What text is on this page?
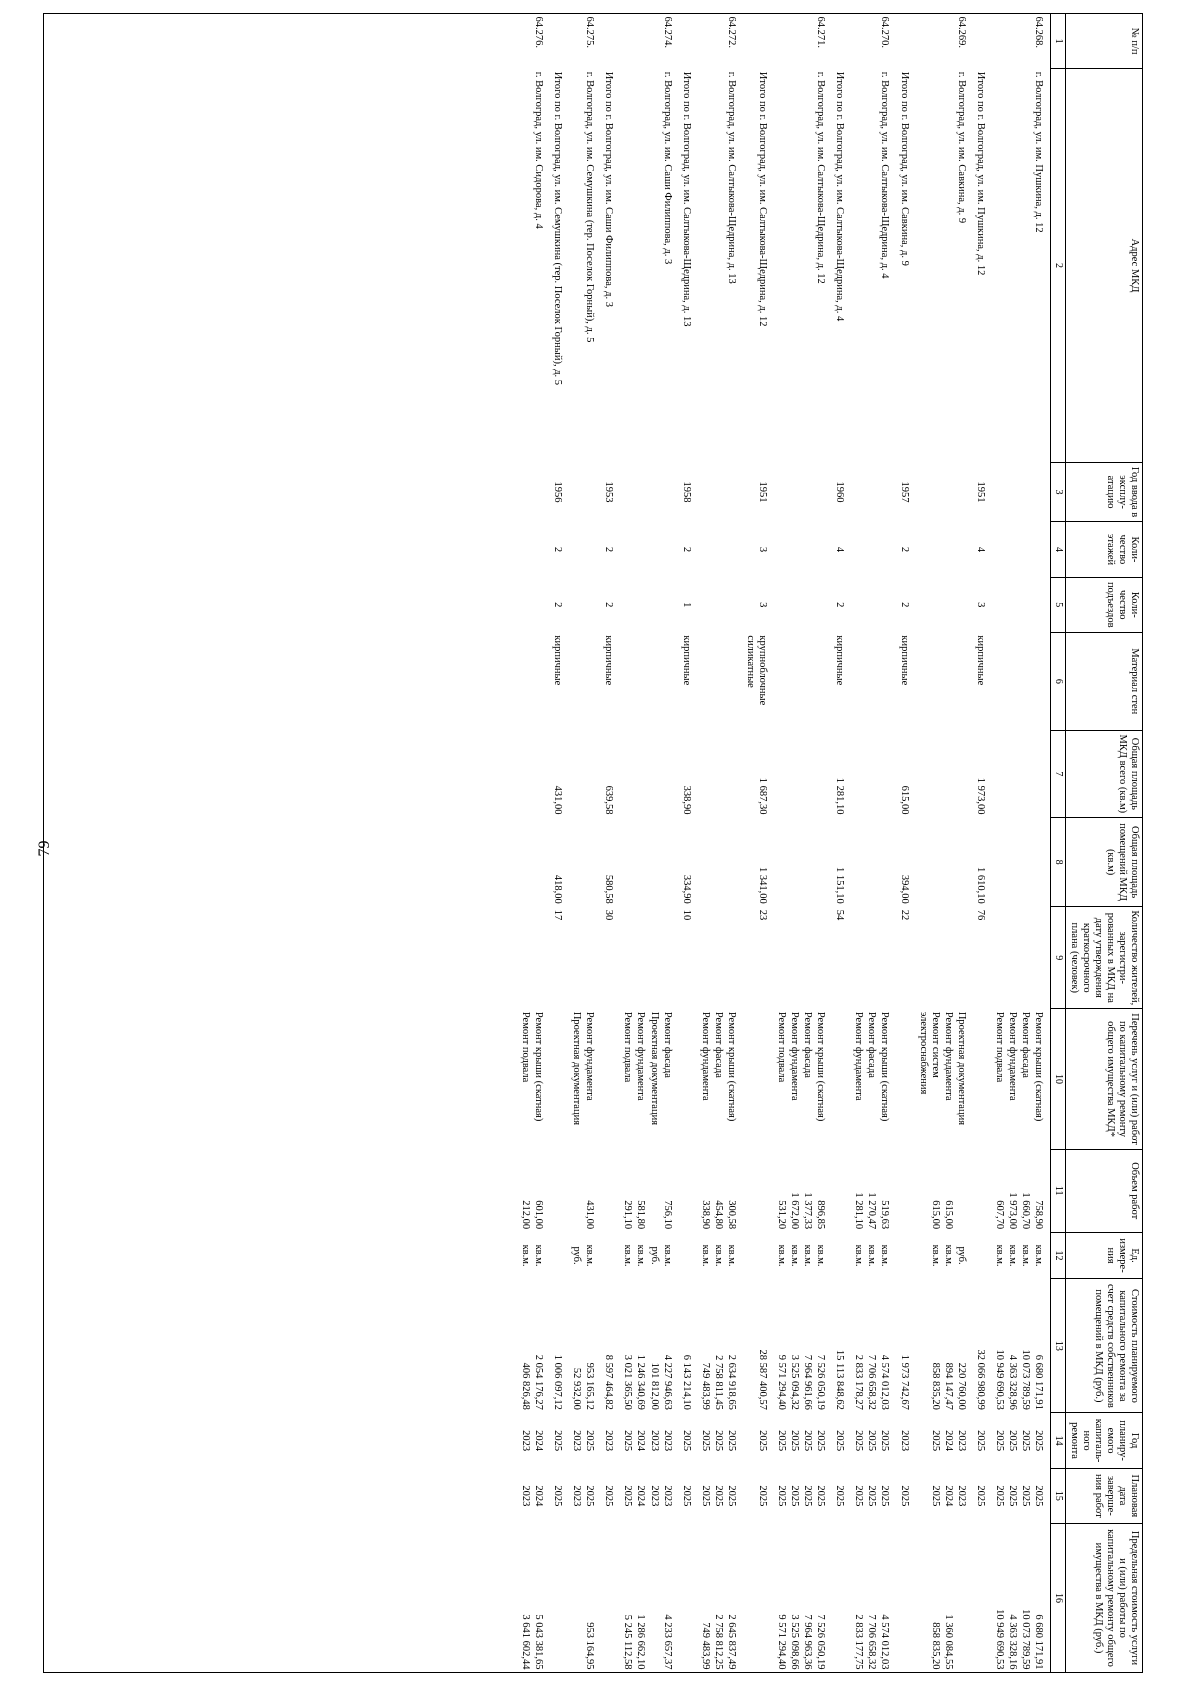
79
№ п/п	Адрес МКД	Год ввода в эксплу-атацию	Коли-чество этажей	Коли-чество подъездов	Материал стен	Общая площадь МКД всего (кв.м)	Общая площадь помещений МКД (кв.м)	Количество жителей, зарегистри-рованных в МКД на дату утверждения краткосрочного плана (человек)	Перечень услуг и (или) работ по капитальному ремонту общего имущества МКД*	Объем работ	Ед. измере-ния	Стоимость планируемого капитального ремонта за счет средств собственников помещений в МКД (руб.)	Год планиру-емого капиталь-ного ремонта	Плановая дата заверше-ния работ	Предельная стоимость услуги и (или) работы по капитальному ремонту общего имущества в МКД (руб.)
1	2	3	4	5	6	7	8	9	10	11	12	13	14	15	16
64.268.	г. Волгоград, ул. им. Пушкина, д. 12								Ремонт крыши (скатная)	758,90	кв.м.	6 680 171,91	2025	2025	6 680 171,91
									Ремонт фасада	1 660,70	кв.м.	10 073 789,59	2025	2025	10 073 789,59
									Ремонт фундамента	1 973,00	кв.м.	4 363 328,96	2025	2025	4 363 328,16
									Ремонт подвала	607,70	кв.м.	10 949 690,53	2025	2025	10 949 690,53
	Итого по г. Волгоград, ул. им. Пушкина, д. 12	1951	4	3	кирпичные	1 973,00	1 610,10	76				32 066 980,99	2025	2025	
64.269.	г. Волгоград, ул. им. Савкина, д. 9								Проектная документация		руб.	220 760,00	2023	2023	
									Ремонт фундамента	615,00	кв.м.	894 147,47	2024	2024	1 360 084,55
									Ремонт систем электроснабжения	615,00	кв.м.	858 835,20	2025	2025	858 835,20
	Итого по г. Волгоград, ул. им. Савкина, д. 9	1957	2	2	кирпичные	615,00	394,00	22				1 973 742,67	2023	2025	
64.270.	г. Волгоград, ул. им. Салтыкова-Щедрина, д. 4								Ремонт крыши (скатная)	519,63	кв.м.	4 574 012,03	2025	2025	4 574 012,03
									Ремонт фасада	1 270,47	кв.м.	7 706 658,32	2025	2025	7 706 658,32
									Ремонт фундамента	1 281,10	кв.м.	2 833 178,27	2025	2025	2 833 177,75
	Итого по г. Волгоград, ул. им. Салтыкова-Щедрина, д. 4	1960	4	2	кирпичные	1 281,10	1 151,10	54				15 113 848,62	2025	2025	
64.271.	г. Волгоград, ул. им. Салтыкова-Щедрина, д. 12								Ремонт крыши (скатная)	896,85	кв.м.	7 526 050,19	2025	2025	7 526 050,19
									Ремонт фасада	1 377,33	кв.м.	7 964 961,66	2025	2025	7 964 963,36
									Ремонт фундамента	1 672,00	кв.м.	3 525 094,32	2025	2025	3 525 098,66
									Ремонт подвала	531,20	кв.м.	9 571 294,40	2025	2025	9 571 294,40
	Итого по г. Волгоград, ул. им. Салтыкова-Щедрина, д. 12	1951	3	3	крупноблочные силикатные	1 687,30	1 341,00	23				28 587 400,57	2025	2025	
64.272.	г. Волгоград, ул. им. Салтыкова-Щедрина, д. 13								Ремонт крыши (скатная)	300,58	кв.м.	2 634 918,65	2025	2025	2 645 837,49
									Ремонт фасада	454,80	кв.м.	2 758 811,45	2025	2025	2 758 812,25
									Ремонт фундамента	338,90	кв.м.	749 483,99	2025	2025	749 483,99
	Итого по г. Волгоград, ул. им. Салтыкова-Щедрина, д. 13	1958	2	1	кирпичные	338,90	334,90	10				6 143 214,10	2025	2025	
64.274.	г. Волгоград, ул. им. Саши Филиппова, д. 3								Ремонт фасада	756,10	кв.м.	4 227 946,63	2023	2023	4 233 657,37
									Проектная документация		руб.	101 812,00	2023	2023	
									Ремонт фундамента	581,80	кв.м.	1 246 340,69	2024	2024	1 286 662,10
									Ремонт подвала	291,10	кв.м.	3 021 365,50	2025	2025	5 245 112,58
	Итого по г. Волгоград, ул. им. Саши Филиппова, д. 3	1953	2	2	кирпичные	639,58	580,58	30				8 597 464,82	2023	2025	
64.275.	г. Волгоград, ул. им. Семушкина (тер. Поселок Горный), д. 5								Ремонт фундамента	431,00	кв.м.	953 165,12	2025	2025	953 164,95
									Проектная документация		руб.	52 932,00	2023	2023	
	Итого по г. Волгоград, ул. им. Семушкина (тер. Поселок Горный), д. 5	1956	2	2	кирпичные	431,00	418,00	17				1 006 097,12	2025	2025	
64.276.	г. Волгоград, ул. им. Сидорова, д. 4								Ремонт крыши (скатная)	601,00	кв.м.	2 054 176,27	2024	2024	5 043 381,65
									Ремонт подвала	212,00	кв.м.	406 826,48	2023	2023	3 641 602,44
